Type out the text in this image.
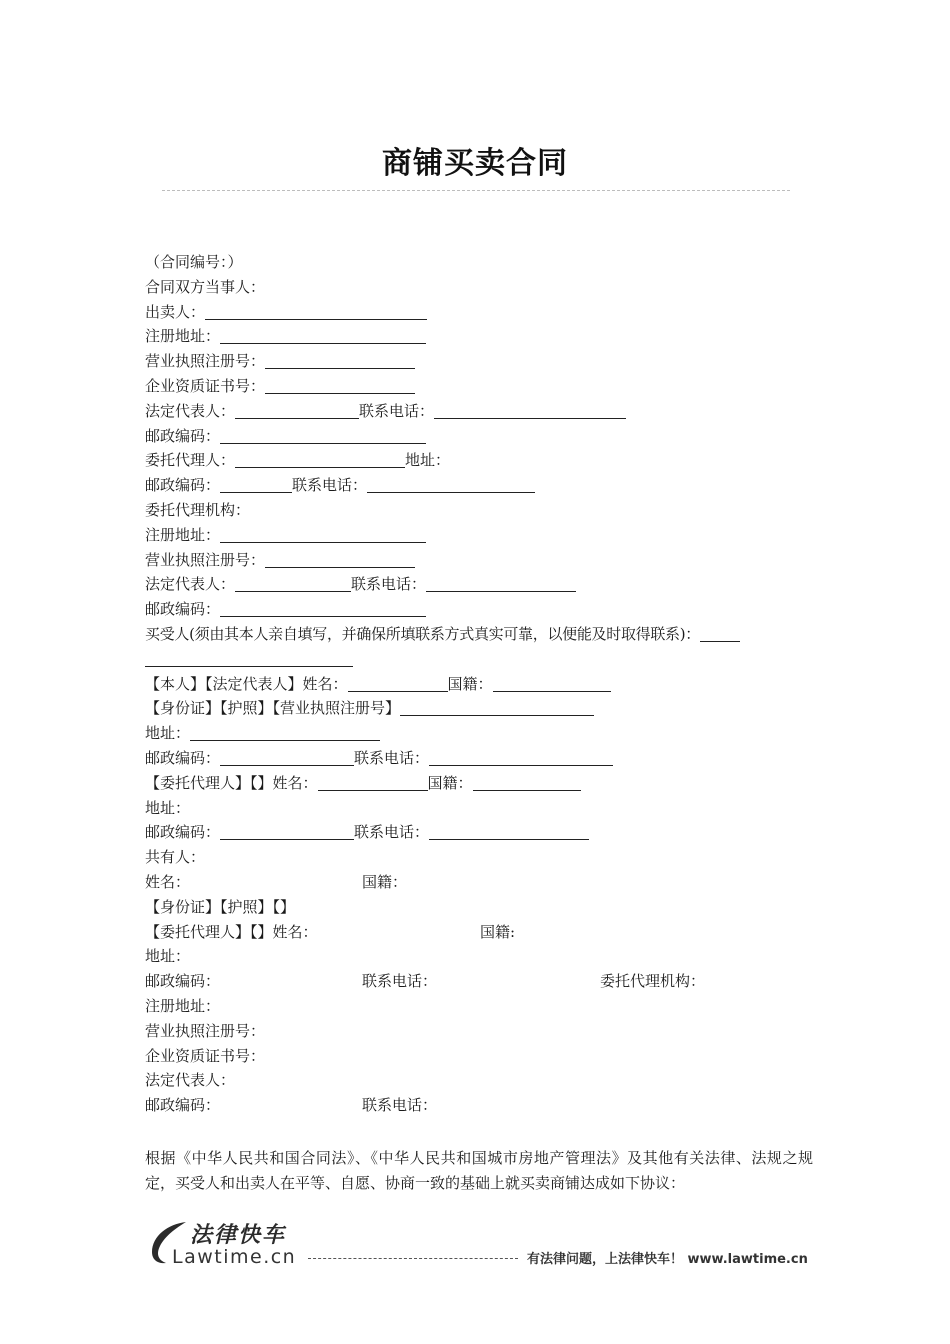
商铺买卖合同
（合同编号：）
合同双方当事人：
出卖人：
注册地址：
营业执照注册号：
企业资质证书号：
法定代表人：	联系电话：
邮政编码：
委托代理人：	地址：
邮政编码：	联系电话：
委托代理机构：
注册地址：
营业执照注册号：
法定代表人：	联系电话：
邮政编码：
买受人(须由其本人亲自填写，并确保所填联系方式真实可靠，以便能及时取得联系)：
【本人】【法定代表人】姓名：	国籍：
【身份证】【护照】【营业执照注册号】
地址：
邮政编码：	联系电话：
【委托代理人】【】姓名：	国籍：
地址：
邮政编码：	联系电话：
共有人：
姓名：	国籍：
【身份证】【护照】【】
【委托代理人】【】姓名：	国籍:
地址：
邮政编码：	联系电话：	委托代理机构：
注册地址：
营业执照注册号：
企业资质证书号：
法定代表人：
邮政编码：	联系电话：
根据《中华人民共和国合同法》、《中华人民共和国城市房地产管理法》及其他有关法律、法规之规定，买受人和出卖人在平等、自愿、协商一致的基础上就买卖商铺达成如下协议：
法律快车
Lawtime.cn	有法律问题，上法律快车！ www.lawtime.cn
